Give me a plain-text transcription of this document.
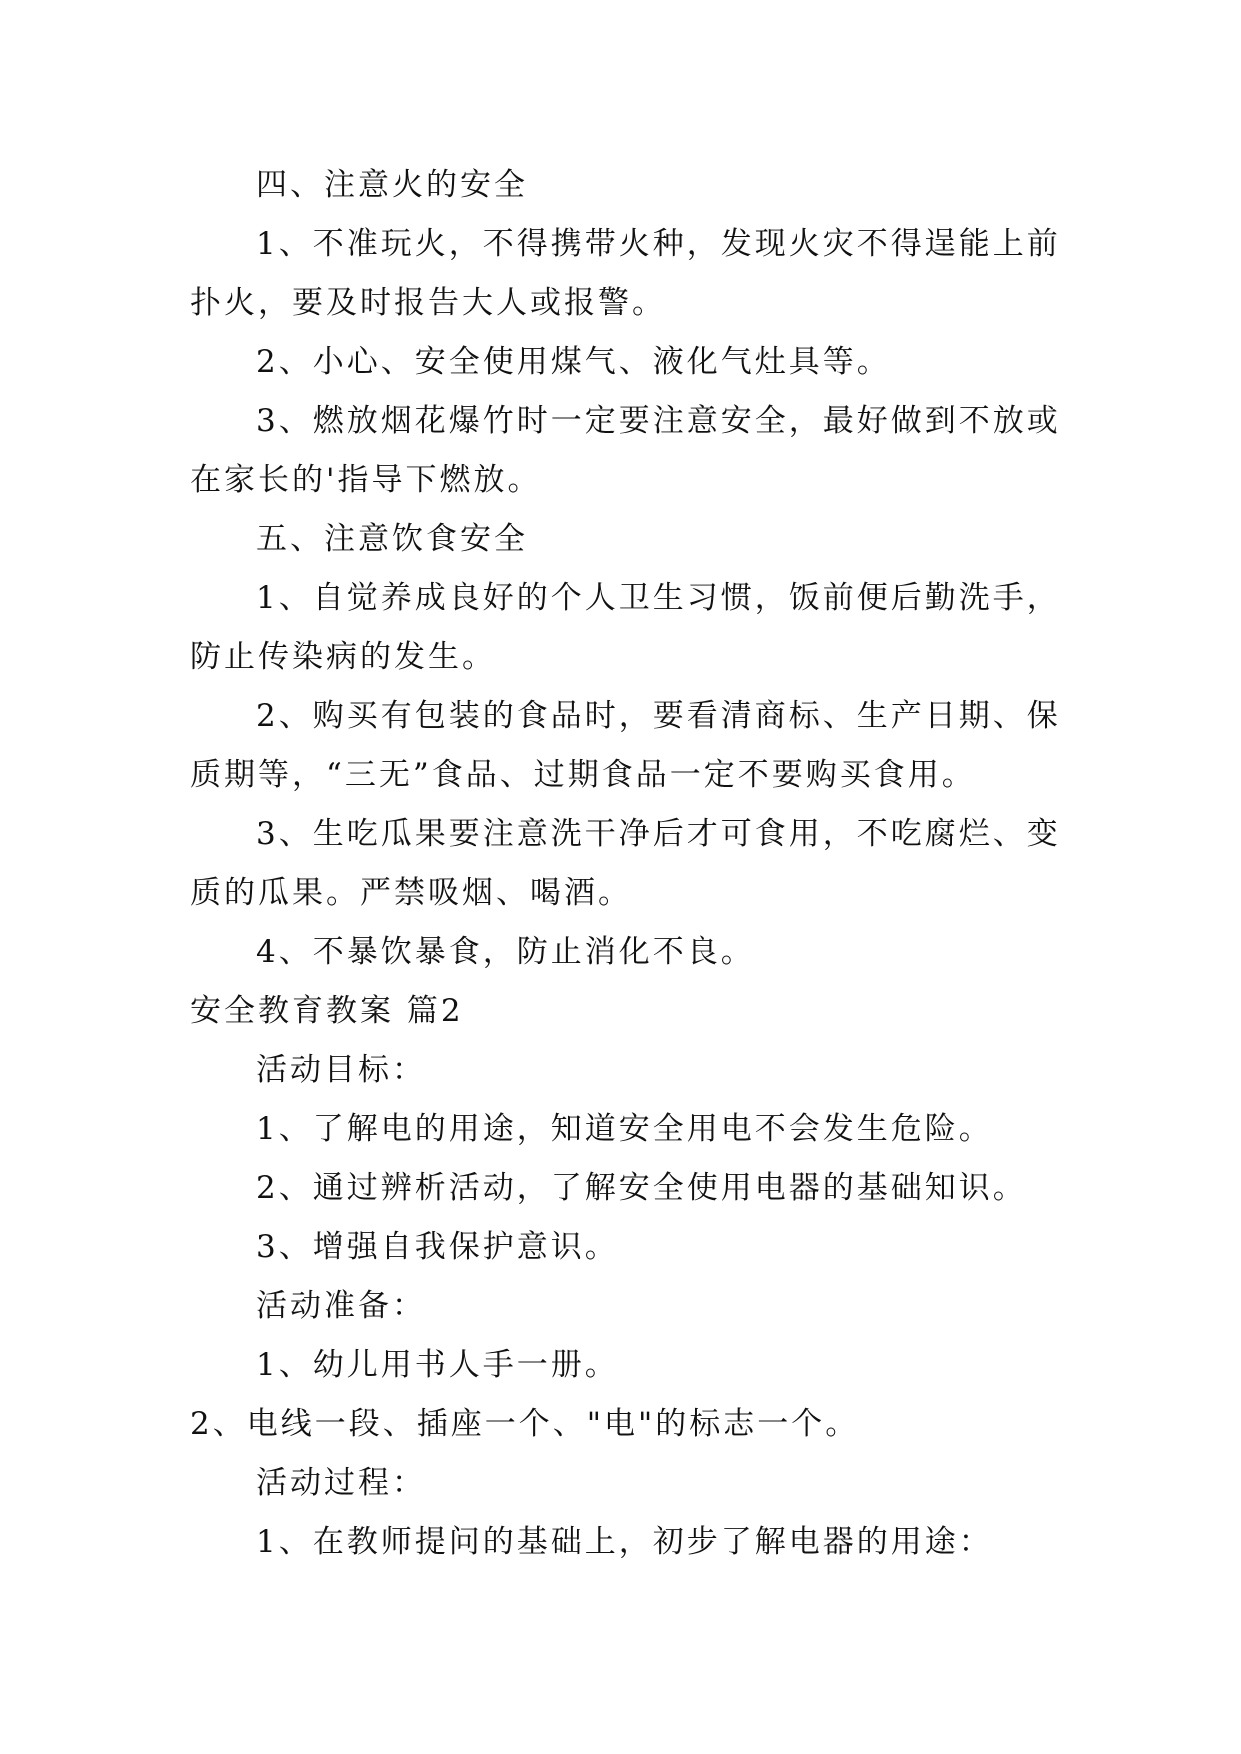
四、注意火的安全
1、不准玩火，不得携带火种，发现火灾不得逞能上前
扑火，要及时报告大人或报警。
2、小心、安全使用煤气、液化气灶具等。
3、燃放烟花爆竹时一定要注意安全，最好做到不放或
在家长的'指导下燃放。
五、注意饮食安全
1、自觉养成良好的个人卫生习惯，饭前便后勤洗手，
防止传染病的发生。
2、购买有包装的食品时，要看清商标、生产日期、保
质期等，“三无”食品、过期食品一定不要购买食用。
3、生吃瓜果要注意洗干净后才可食用，不吃腐烂、变
质的瓜果。严禁吸烟、喝酒。
4、不暴饮暴食，防止消化不良。
安全教育教案 篇2
活动目标：
1、了解电的用途，知道安全用电不会发生危险。
2、通过辨析活动，了解安全使用电器的基础知识。
3、增强自我保护意识。
活动准备：
1、幼儿用书人手一册。
2、电线一段、插座一个、"电"的标志一个。
活动过程：
1、在教师提问的基础上，初步了解电器的用途：
